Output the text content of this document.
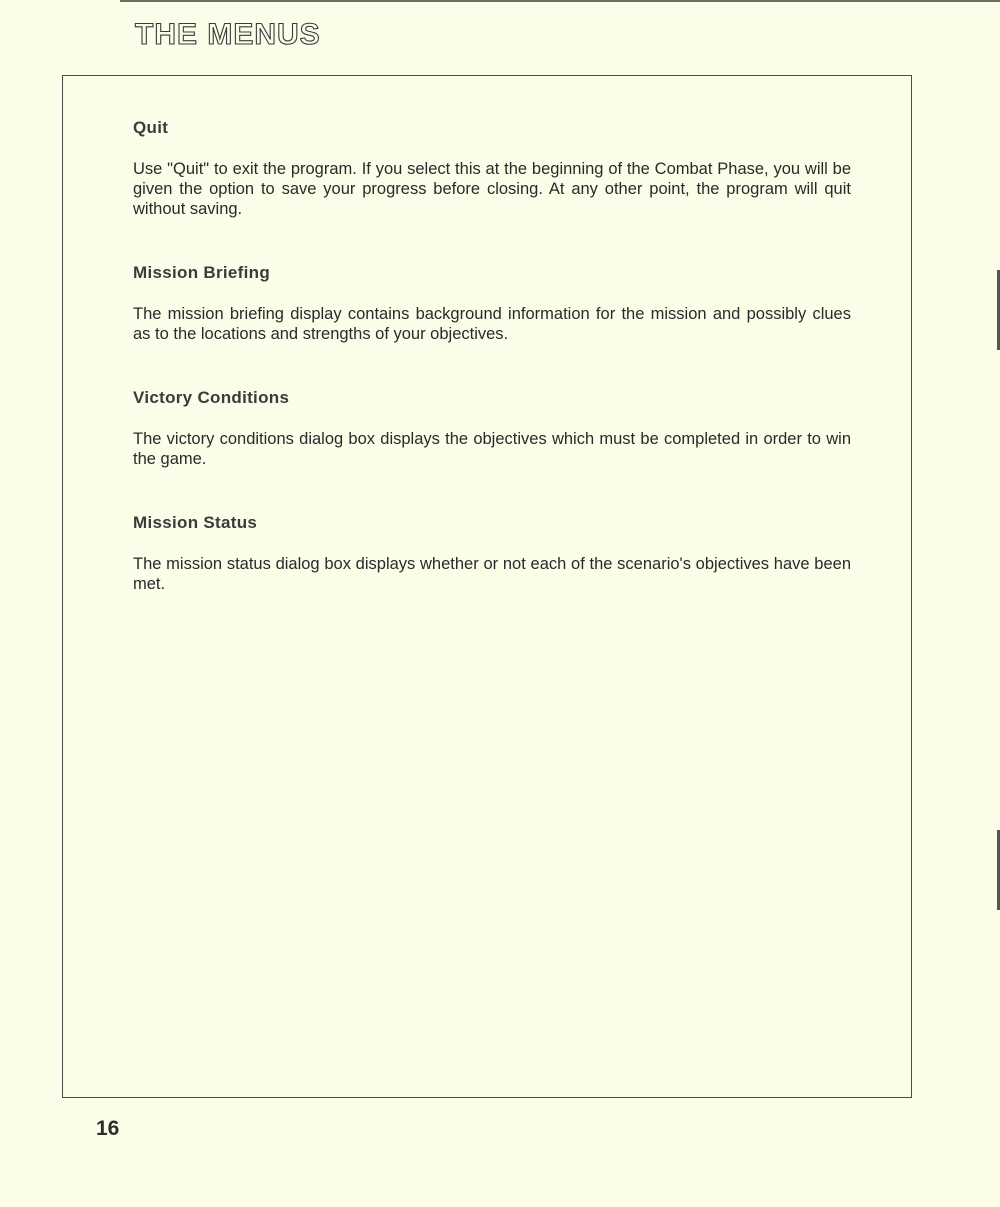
THE MENUS
Quit

Use "Quit" to exit the program. If you select this at the beginning of the Combat Phase, you will be given the option to save your progress before closing. At any other point, the program will quit without saving.

Mission Briefing

The mission briefing display contains background information for the mission and possibly clues as to the locations and strengths of your objectives.

Victory Conditions

The victory conditions dialog box displays the objectives which must be completed in order to win the game.

Mission Status

The mission status dialog box displays whether or not each of the scenario's objectives have been met.

16
